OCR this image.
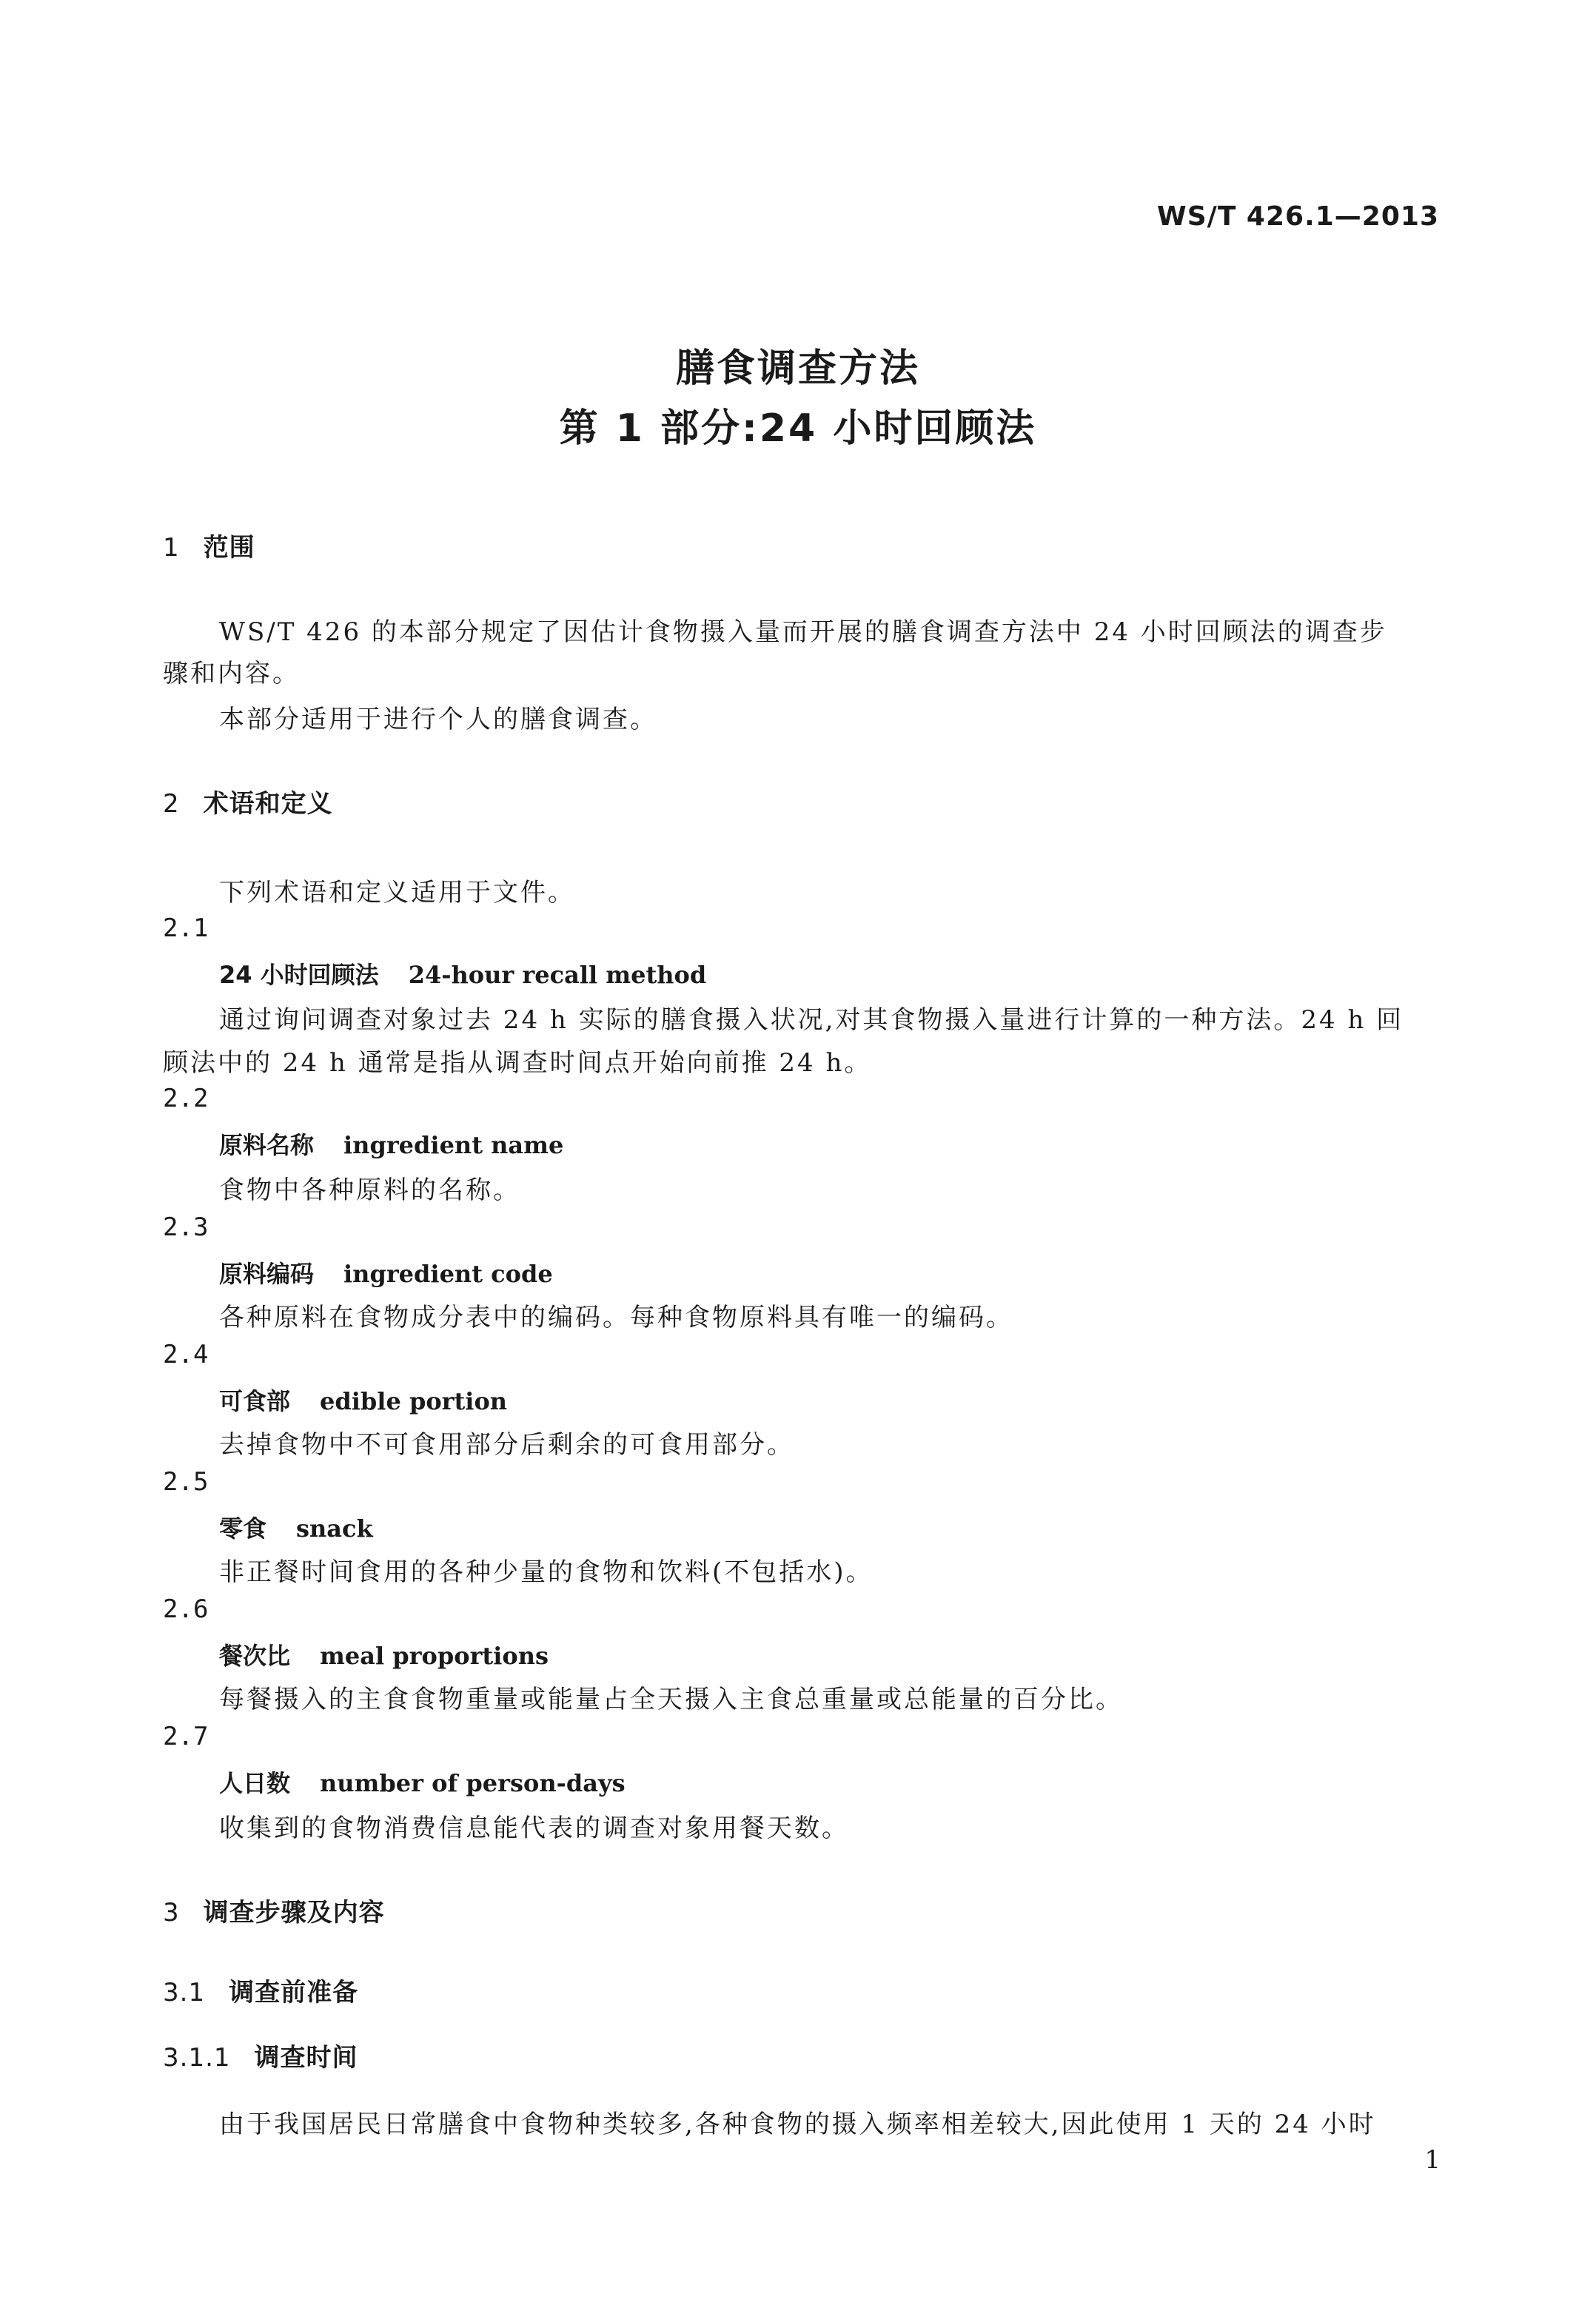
WS/T 426.1—2013
膳食调查方法
第 1 部分:24 小时回顾法
1 范围
WS/T 426 的本部分规定了因估计食物摄入量而开展的膳食调查方法中 24 小时回顾法的调查步
骤和内容。
本部分适用于进行个人的膳食调查。
2 术语和定义
下列术语和定义适用于文件。
2.1
24 小时回顾法 24-hour recall method
通过询问调查对象过去 24 h 实际的膳食摄入状况,对其食物摄入量进行计算的一种方法。24 h 回
顾法中的 24 h 通常是指从调查时间点开始向前推 24 h。
2.2
原料名称 ingredient name
食物中各种原料的名称。
2.3
原料编码 ingredient code
各种原料在食物成分表中的编码。每种食物原料具有唯一的编码。
2.4
可食部 edible portion
去掉食物中不可食用部分后剩余的可食用部分。
2.5
零食 snack
非正餐时间食用的各种少量的食物和饮料(不包括水)。
2.6
餐次比 meal proportions
每餐摄入的主食食物重量或能量占全天摄入主食总重量或总能量的百分比。
2.7
人日数 number of person-days
收集到的食物消费信息能代表的调查对象用餐天数。
3 调查步骤及内容
3.1 调查前准备
3.1.1 调查时间
由于我国居民日常膳食中食物种类较多,各种食物的摄入频率相差较大,因此使用 1 天的 24 小时
1
